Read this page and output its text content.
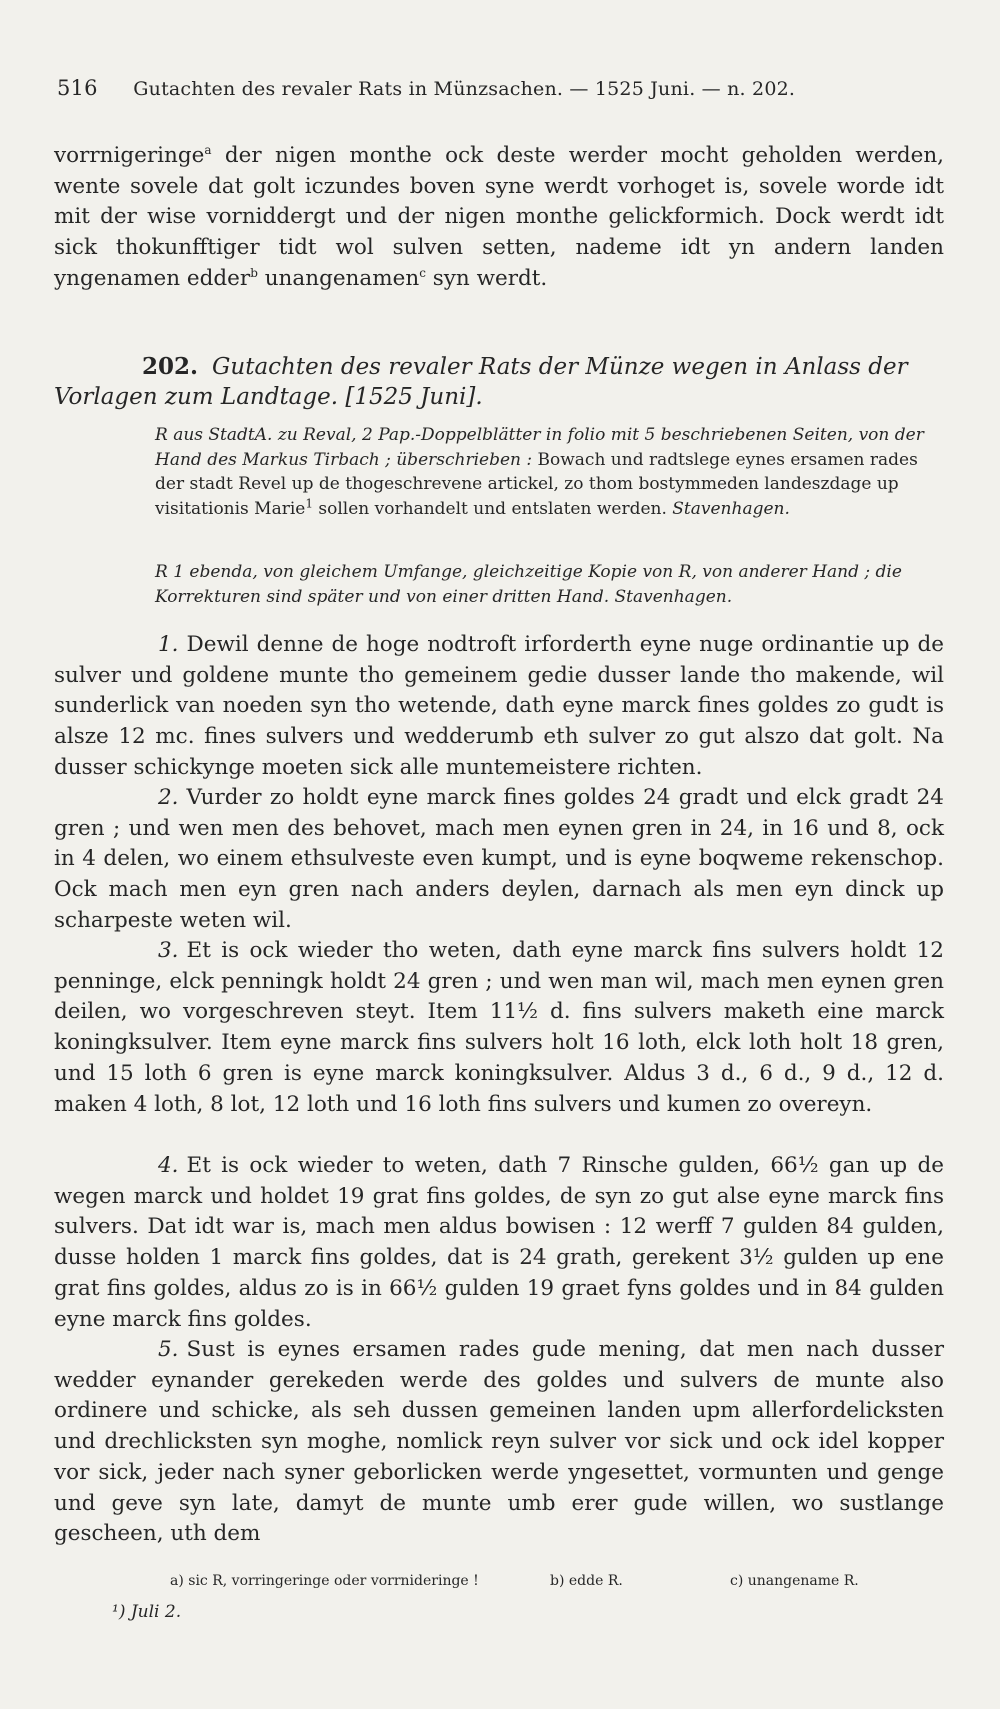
516 Gutachten des revaler Rats in Münzsachen. — 1525 Juni. — n. 202.
vorrnigeringe$^a$ der nigen monthe ock deste werder mocht geholden werden, wente sovele dat golt iczundes boven syne werdt vorhoget is, sovele worde idt mit der wise vorniddergt und der nigen monthe gelickformich. Dock werdt idt sick thokunfftiger tidt wol sulven setten, nademe idt yn andern landen yngenamen edder$^b$ unangenamen$^c$ syn werdt.
202. Gutachten des revaler Rats der Münze wegen in Anlass der Vorlagen zum Landtage. [1525 Juni].
R aus StadtA. zu Reval, 2 Pap.-Doppelblätter in folio mit 5 beschriebenen Seiten, von der Hand des Markus Tirbach ; überschrieben : Bowach und radtslege eynes ersamen rades der stadt Revel up de thogeschrevene artickel, zo thom bostymmeden landeszdage up visitationis Marie$^1$ sollen vorhandelt und entslaten werden. Stavenhagen.
R 1 ebenda, von gleichem Umfange, gleichzeitige Kopie von R, von anderer Hand ; die Korrekturen sind später und von einer dritten Hand. Stavenhagen.
1. Dewil denne de hoge nodtroft irforderth eyne nuge ordinantie up de sulver und goldene munte tho gemeinem gedie dusser lande tho makende, wil sunderlick van noeden syn tho wetende, dath eyne marck fines goldes zo gudt is alsze 12 mc. fines sulvers und wedderumb eth sulver zo gut alszo dat golt. Na dusser schickynge moeten sick alle muntemeistere richten.
2. Vurder zo holdt eyne marck fines goldes 24 gradt und elck gradt 24 gren ; und wen men des behovet, mach men eynen gren in 24, in 16 und 8, ock in 4 delen, wo einem ethsulveste even kumpt, und is eyne boqweme rekenschop. Ock mach men eyn gren nach anders deylen, darnach als men eyn dinck up scharpeste weten wil.
3. Et is ock wieder tho weten, dath eyne marck fins sulvers holdt 12 penninge, elck penningk holdt 24 gren ; und wen man wil, mach men eynen gren deilen, wo vorgeschreven steyt. Item 11½ d. fins sulvers maketh eine marck koningksulver. Item eyne marck fins sulvers holt 16 loth, elck loth holt 18 gren, und 15 loth 6 gren is eyne marck koningksulver. Aldus 3 d., 6 d., 9 d., 12 d. maken 4 loth, 8 lot, 12 loth und 16 loth fins sulvers und kumen zo overeyn.
4. Et is ock wieder to weten, dath 7 Rinsche gulden, 66½ gan up de wegen marck und holdet 19 grat fins goldes, de syn zo gut alse eyne marck fins sulvers. Dat idt war is, mach men aldus bowisen : 12 werff 7 gulden 84 gulden, dusse holden 1 marck fins goldes, dat is 24 grath, gerekent 3½ gulden up ene grat fins goldes, aldus zo is in 66½ gulden 19 graet fyns goldes und in 84 gulden eyne marck fins goldes.
5. Sust is eynes ersamen rades gude mening, dat men nach dusser wedder eynander gerekeden werde des goldes und sulvers de munte also ordinere und schicke, als seh dussen gemeinen landen upm allerfordelicksten und drechlicksten syn moghe, nomlick reyn sulver vor sick und ock idel kopper vor sick, jeder nach syner geborlicken werde yngesettet, vormunten und genge und geve syn late, damyt de munte umb erer gude willen, wo sustlange gescheen, uth dem
a) sic R, vorringeringe oder vorrnideringe !	b) edde R.	c) unangename R.
¹) Juli 2.
